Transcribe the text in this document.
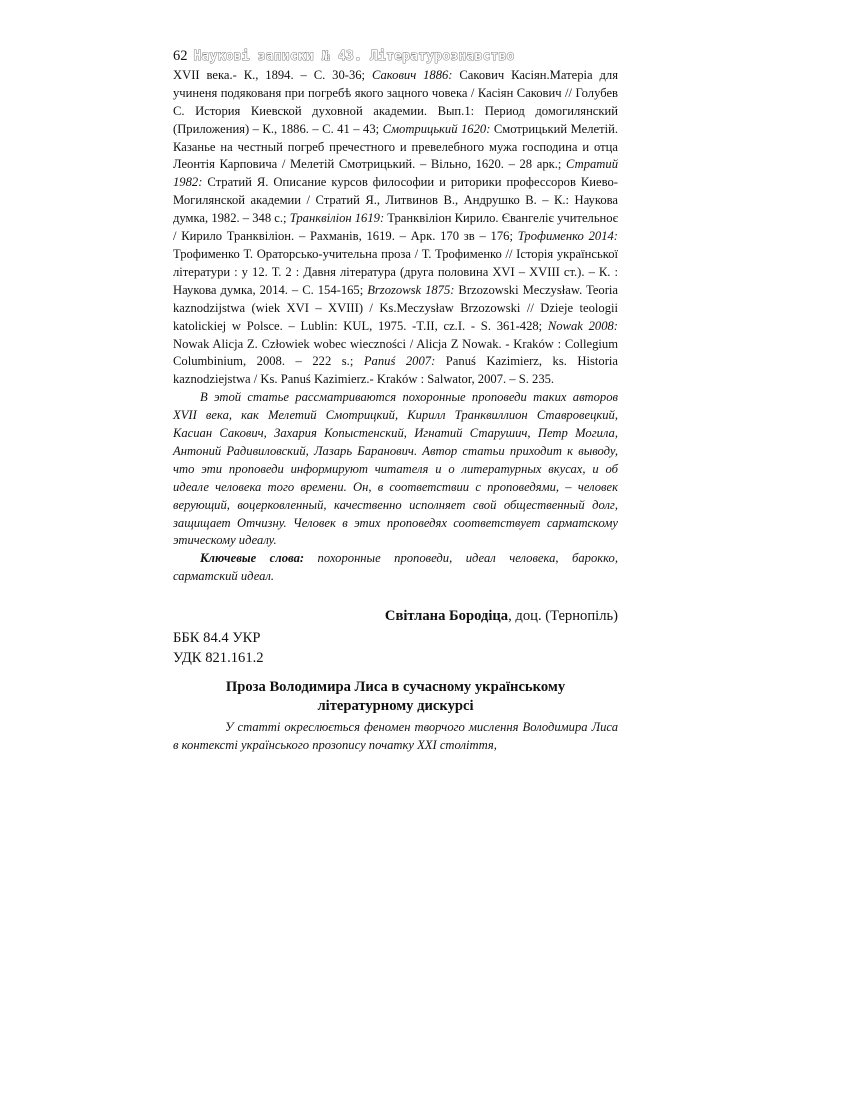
62 Наукові записки № 43. Літературознавство

XVII века.- К., 1894. – С. 30-36; Сакович 1886: Сакович Касіян.Матеріа для учиненя подякованя при погребѣ якого зацного човека / Касіян Сакович // Голубев С. История Киевской духовной академии. Вып.1: Период домогилянский (Приложения) – К., 1886. – С. 41 – 43; Смотрицький 1620: Смотрицький Мелетій. Казанье на честный погреб пречестного и превелебного мужа господина и отца Леонтія Карповича / Мелетій Смотрицький. – Вільно, 1620. – 28 арк.; Стратий 1982: Стратий Я. Описание курсов философии и риторики профессоров Киево-Могилянской академии / Стратий Я., Литвинов В., Андрушко В. – К.: Наукова думка, 1982. – 348 с.; Транквіліон 1619: Транквіліон Кирило. Євангеліє учительноє / Кирило Транквіліон. – Рахманів, 1619. – Арк. 170 зв – 176; Трофименко 2014: Трофименко Т. Ораторсько-учительна проза / Т. Трофименко // Історія української літератури : у 12. Т. 2 : Давня література (друга половина XVI – XVIII ст.). – К. : Наукова думка, 2014. – С. 154-165; Brzozowsk 1875: Brzozowski Meczysław. Teoria kaznodzijstwa (wiek XVI – XVIII) / Ks.Meczysław Brzozowski // Dzieje teologii katolickiej w Polsce. – Lublin: KUL, 1975. -T.II, cz.I. - S. 361-428; Nowak 2008: Nowak Alicja Z. Człowiek wobec wieczności / Alicja Z Nowak. - Kraków : Collegium Columbinium, 2008. – 222 s.; Panuś 2007: Panuś Kazimierz, ks. Historia kaznodziejstwa / Ks. Panuś Kazimierz.- Kraków : Salwator, 2007. – S. 235.

В этой статье рассматриваются похоронные проповеди таких авторов XVII века, как Мелетий Смотрицкий, Кирилл Транквиллион Ставровецкий, Касиан Сакович, Захария Копыстенский, Игнатий Старушич, Петр Могила, Антоний Радивиловский, Лазарь Баранович. Автор статьи приходит к выводу, что эти проповеди информируют читателя и о литературных вкусах, и об идеале человека того времени. Он, в соответствии с проповедями, – человек верующий, воцерковленный, качественно исполняет свой общественный долг, защищает Отчизну. Человек в этих проповедях соответствует сарматскому этическому идеалу.

Ключевые слова: похоронные проповеди, идеал человека, барокко, сарматский идеал.

Світлана Бородіца, доц. (Тернопіль)
ББК 84.4 УКР
УДК 821.161.2
Проза Володимира Лиса в сучасному українському
літературному дискурсі

У статті окреслюється феномен творчого мислення Володимира Лиса в контексті українського прозопису початку XXI століття,
